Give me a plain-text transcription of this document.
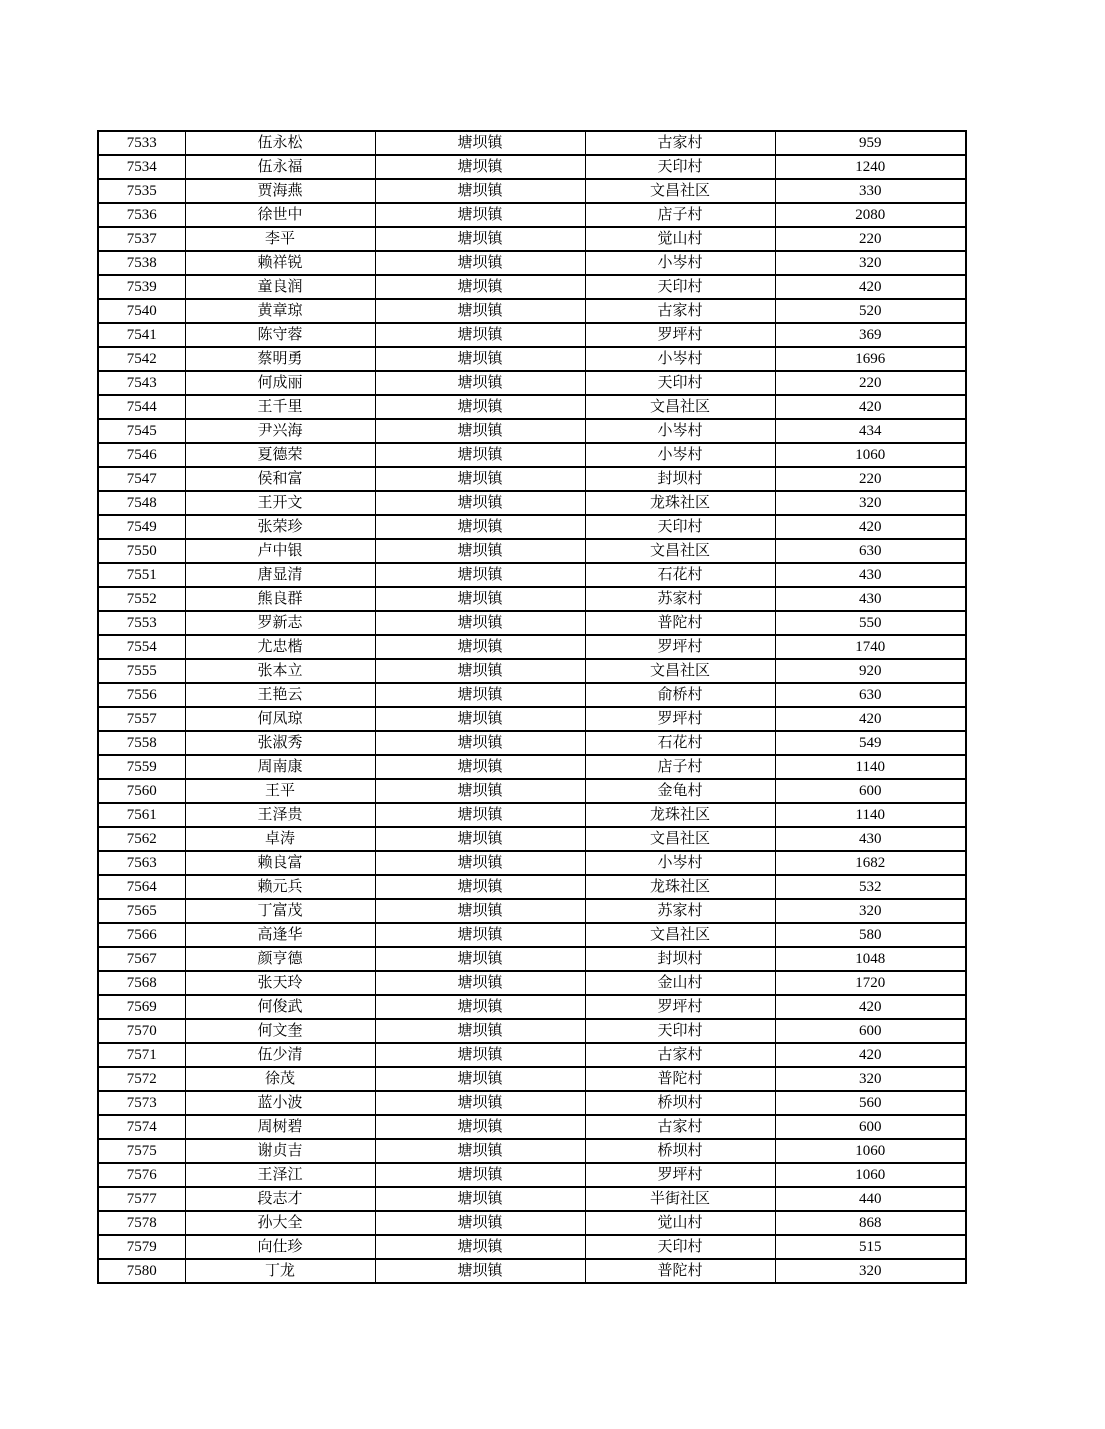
7533	伍永松	塘坝镇	古家村	959
7534	伍永福	塘坝镇	天印村	1240
7535	贾海燕	塘坝镇	文昌社区	330
7536	徐世中	塘坝镇	店子村	2080
7537	李平	塘坝镇	觉山村	220
7538	赖祥锐	塘坝镇	小岑村	320
7539	童良润	塘坝镇	天印村	420
7540	黄章琼	塘坝镇	古家村	520
7541	陈守蓉	塘坝镇	罗坪村	369
7542	蔡明勇	塘坝镇	小岑村	1696
7543	何成丽	塘坝镇	天印村	220
7544	王千里	塘坝镇	文昌社区	420
7545	尹兴海	塘坝镇	小岑村	434
7546	夏德荣	塘坝镇	小岑村	1060
7547	侯和富	塘坝镇	封坝村	220
7548	王开文	塘坝镇	龙珠社区	320
7549	张荣珍	塘坝镇	天印村	420
7550	卢中银	塘坝镇	文昌社区	630
7551	唐显清	塘坝镇	石花村	430
7552	熊良群	塘坝镇	苏家村	430
7553	罗新志	塘坝镇	普陀村	550
7554	尤忠楷	塘坝镇	罗坪村	1740
7555	张本立	塘坝镇	文昌社区	920
7556	王艳云	塘坝镇	俞桥村	630
7557	何凤琼	塘坝镇	罗坪村	420
7558	张淑秀	塘坝镇	石花村	549
7559	周南康	塘坝镇	店子村	1140
7560	王平	塘坝镇	金龟村	600
7561	王泽贵	塘坝镇	龙珠社区	1140
7562	卓涛	塘坝镇	文昌社区	430
7563	赖良富	塘坝镇	小岑村	1682
7564	赖元兵	塘坝镇	龙珠社区	532
7565	丁富茂	塘坝镇	苏家村	320
7566	高逢华	塘坝镇	文昌社区	580
7567	颜亨德	塘坝镇	封坝村	1048
7568	张天玲	塘坝镇	金山村	1720
7569	何俊武	塘坝镇	罗坪村	420
7570	何文奎	塘坝镇	天印村	600
7571	伍少清	塘坝镇	古家村	420
7572	徐茂	塘坝镇	普陀村	320
7573	蓝小波	塘坝镇	桥坝村	560
7574	周树碧	塘坝镇	古家村	600
7575	谢贞吉	塘坝镇	桥坝村	1060
7576	王泽江	塘坝镇	罗坪村	1060
7577	段志才	塘坝镇	半街社区	440
7578	孙大全	塘坝镇	觉山村	868
7579	向仕珍	塘坝镇	天印村	515
7580	丁龙	塘坝镇	普陀村	320
